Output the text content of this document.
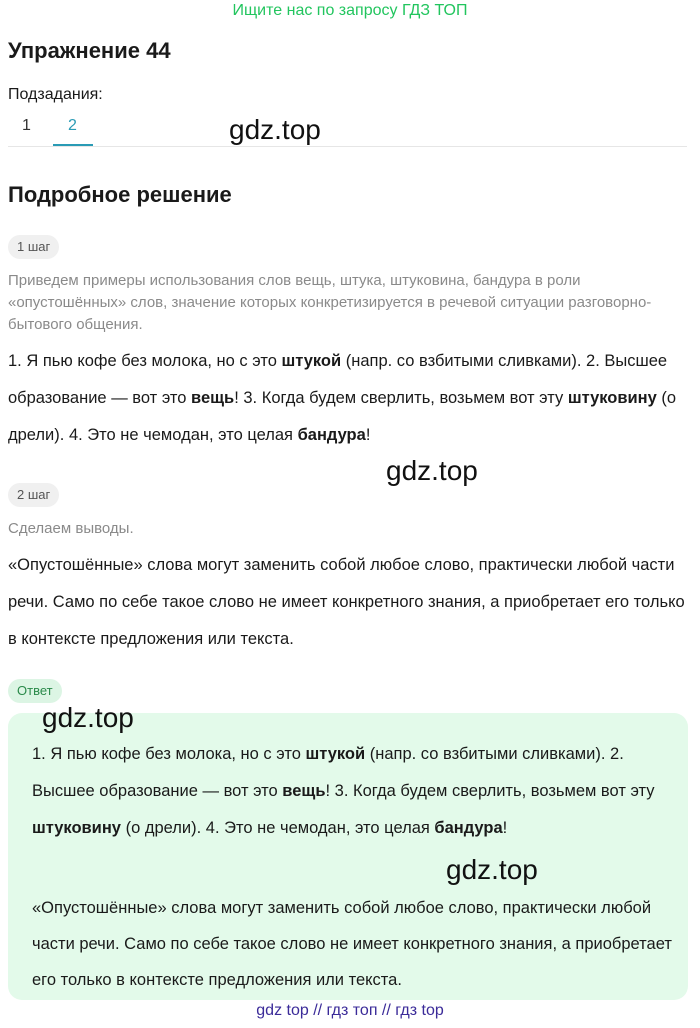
Ищите нас по запросу ГДЗ ТОП
Упражнение 44
Подзадания:
1 2	gdz.top
Подробное решение
1 шаг
Приведем примеры использования слов вещь, штука, штуковина, бандура в роли «опустошённых» слов, значение которых конкретизируется в речевой ситуации разговорно-бытового общения.
1. Я пью кофе без молока, но с это штукой (напр. со взбитыми сливками). 2. Высшее образование — вот это вещь! 3. Когда будем сверлить, возьмем вот эту штуковину (о дрели). 4. Это не чемодан, это целая бандура!
gdz.top
2 шаг
Сделаем выводы.
«Опустошённые» слова могут заменить собой любое слово, практически любой части речи. Само по себе такое слово не имеет конкретного знания, а приобретает его только в контексте предложения или текста.
Ответ
1. Я пью кофе без молока, но с это штукой (напр. со взбитыми сливками). 2. Высшее образование — вот это вещь! 3. Когда будем сверлить, возьмем вот эту штуковину (о дрели). 4. Это не чемодан, это целая бандура!
«Опустошённые» слова могут заменить собой любое слово, практически любой части речи. Само по себе такое слово не имеет конкретного знания, а приобретает его только в контексте предложения или текста.
gdz.top
gdz.top
gdz top // гдз топ // гдз top
